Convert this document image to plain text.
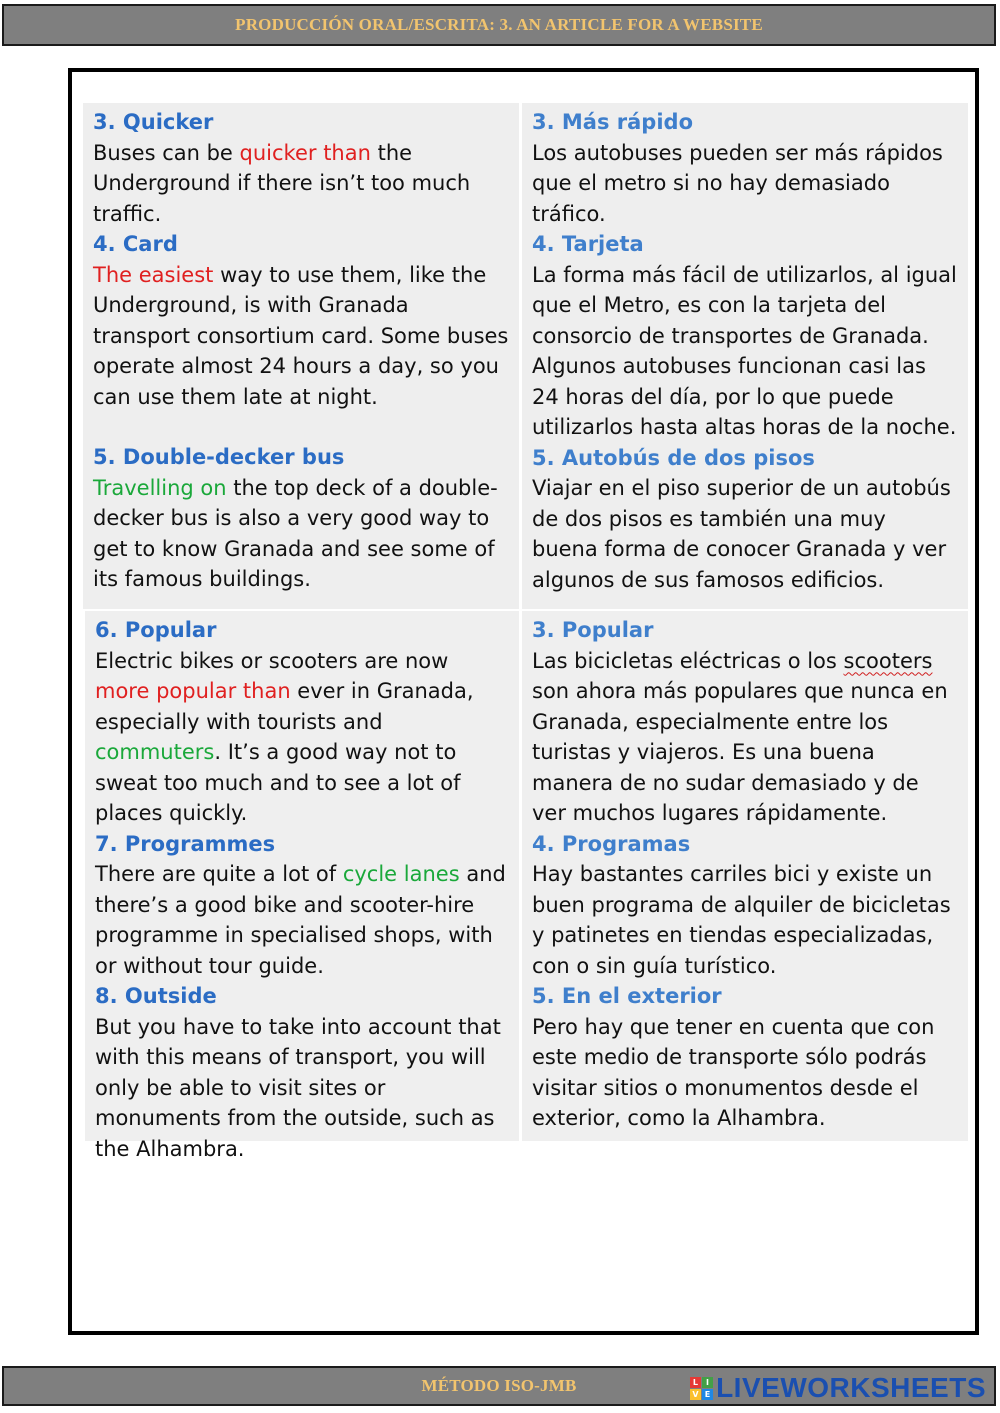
PRODUCCIÓN ORAL/ESCRITA: 3. AN ARTICLE FOR A WEBSITE
3. Quicker
Buses can be quicker than the Underground if there isn’t too much traffic.
4. Card
The easiest way to use them, like the Underground, is with Granada transport consortium card. Some buses operate almost 24 hours a day, so you can use them late at night.
5. Double-decker bus
Travelling on the top deck of a double-decker bus is also a very good way to get to know Granada and see some of its famous buildings.
3. Más rápido
Los autobuses pueden ser más rápidos que el metro si no hay demasiado tráfico.
4. Tarjeta
La forma más fácil de utilizarlos, al igual que el Metro, es con la tarjeta del consorcio de transportes de Granada. Algunos autobuses funcionan casi las 24 horas del día, por lo que puede utilizarlos hasta altas horas de la noche.
5. Autobús de dos pisos
Viajar en el piso superior de un autobús de dos pisos es también una muy buena forma de conocer Granada y ver algunos de sus famosos edificios.
6. Popular
Electric bikes or scooters are now more popular than ever in Granada, especially with tourists and commuters. It’s a good way not to sweat too much and to see a lot of places quickly.
7. Programmes
There are quite a lot of cycle lanes and there’s a good bike and scooter-hire programme in specialised shops, with or without tour guide.
8. Outside
But you have to take into account that with this means of transport, you will only be able to visit sites or monuments from the outside, such as the Alhambra.
3. Popular
Las bicicletas eléctricas o los scooters son ahora más populares que nunca en Granada, especialmente entre los turistas y viajeros. Es una buena manera de no sudar demasiado y de ver muchos lugares rápidamente.
4. Programas
Hay bastantes carriles bici y existe un buen programa de alquiler de bicicletas y patinetes en tiendas especializadas, con o sin guía turístico.
5. En el exterior
Pero hay que tener en cuenta que con este medio de transporte sólo podrás visitar sitios o monumentos desde el exterior, como la Alhambra.
MÉTODO ISO-JMB	L I
V E LIVEWORKSHEETS
